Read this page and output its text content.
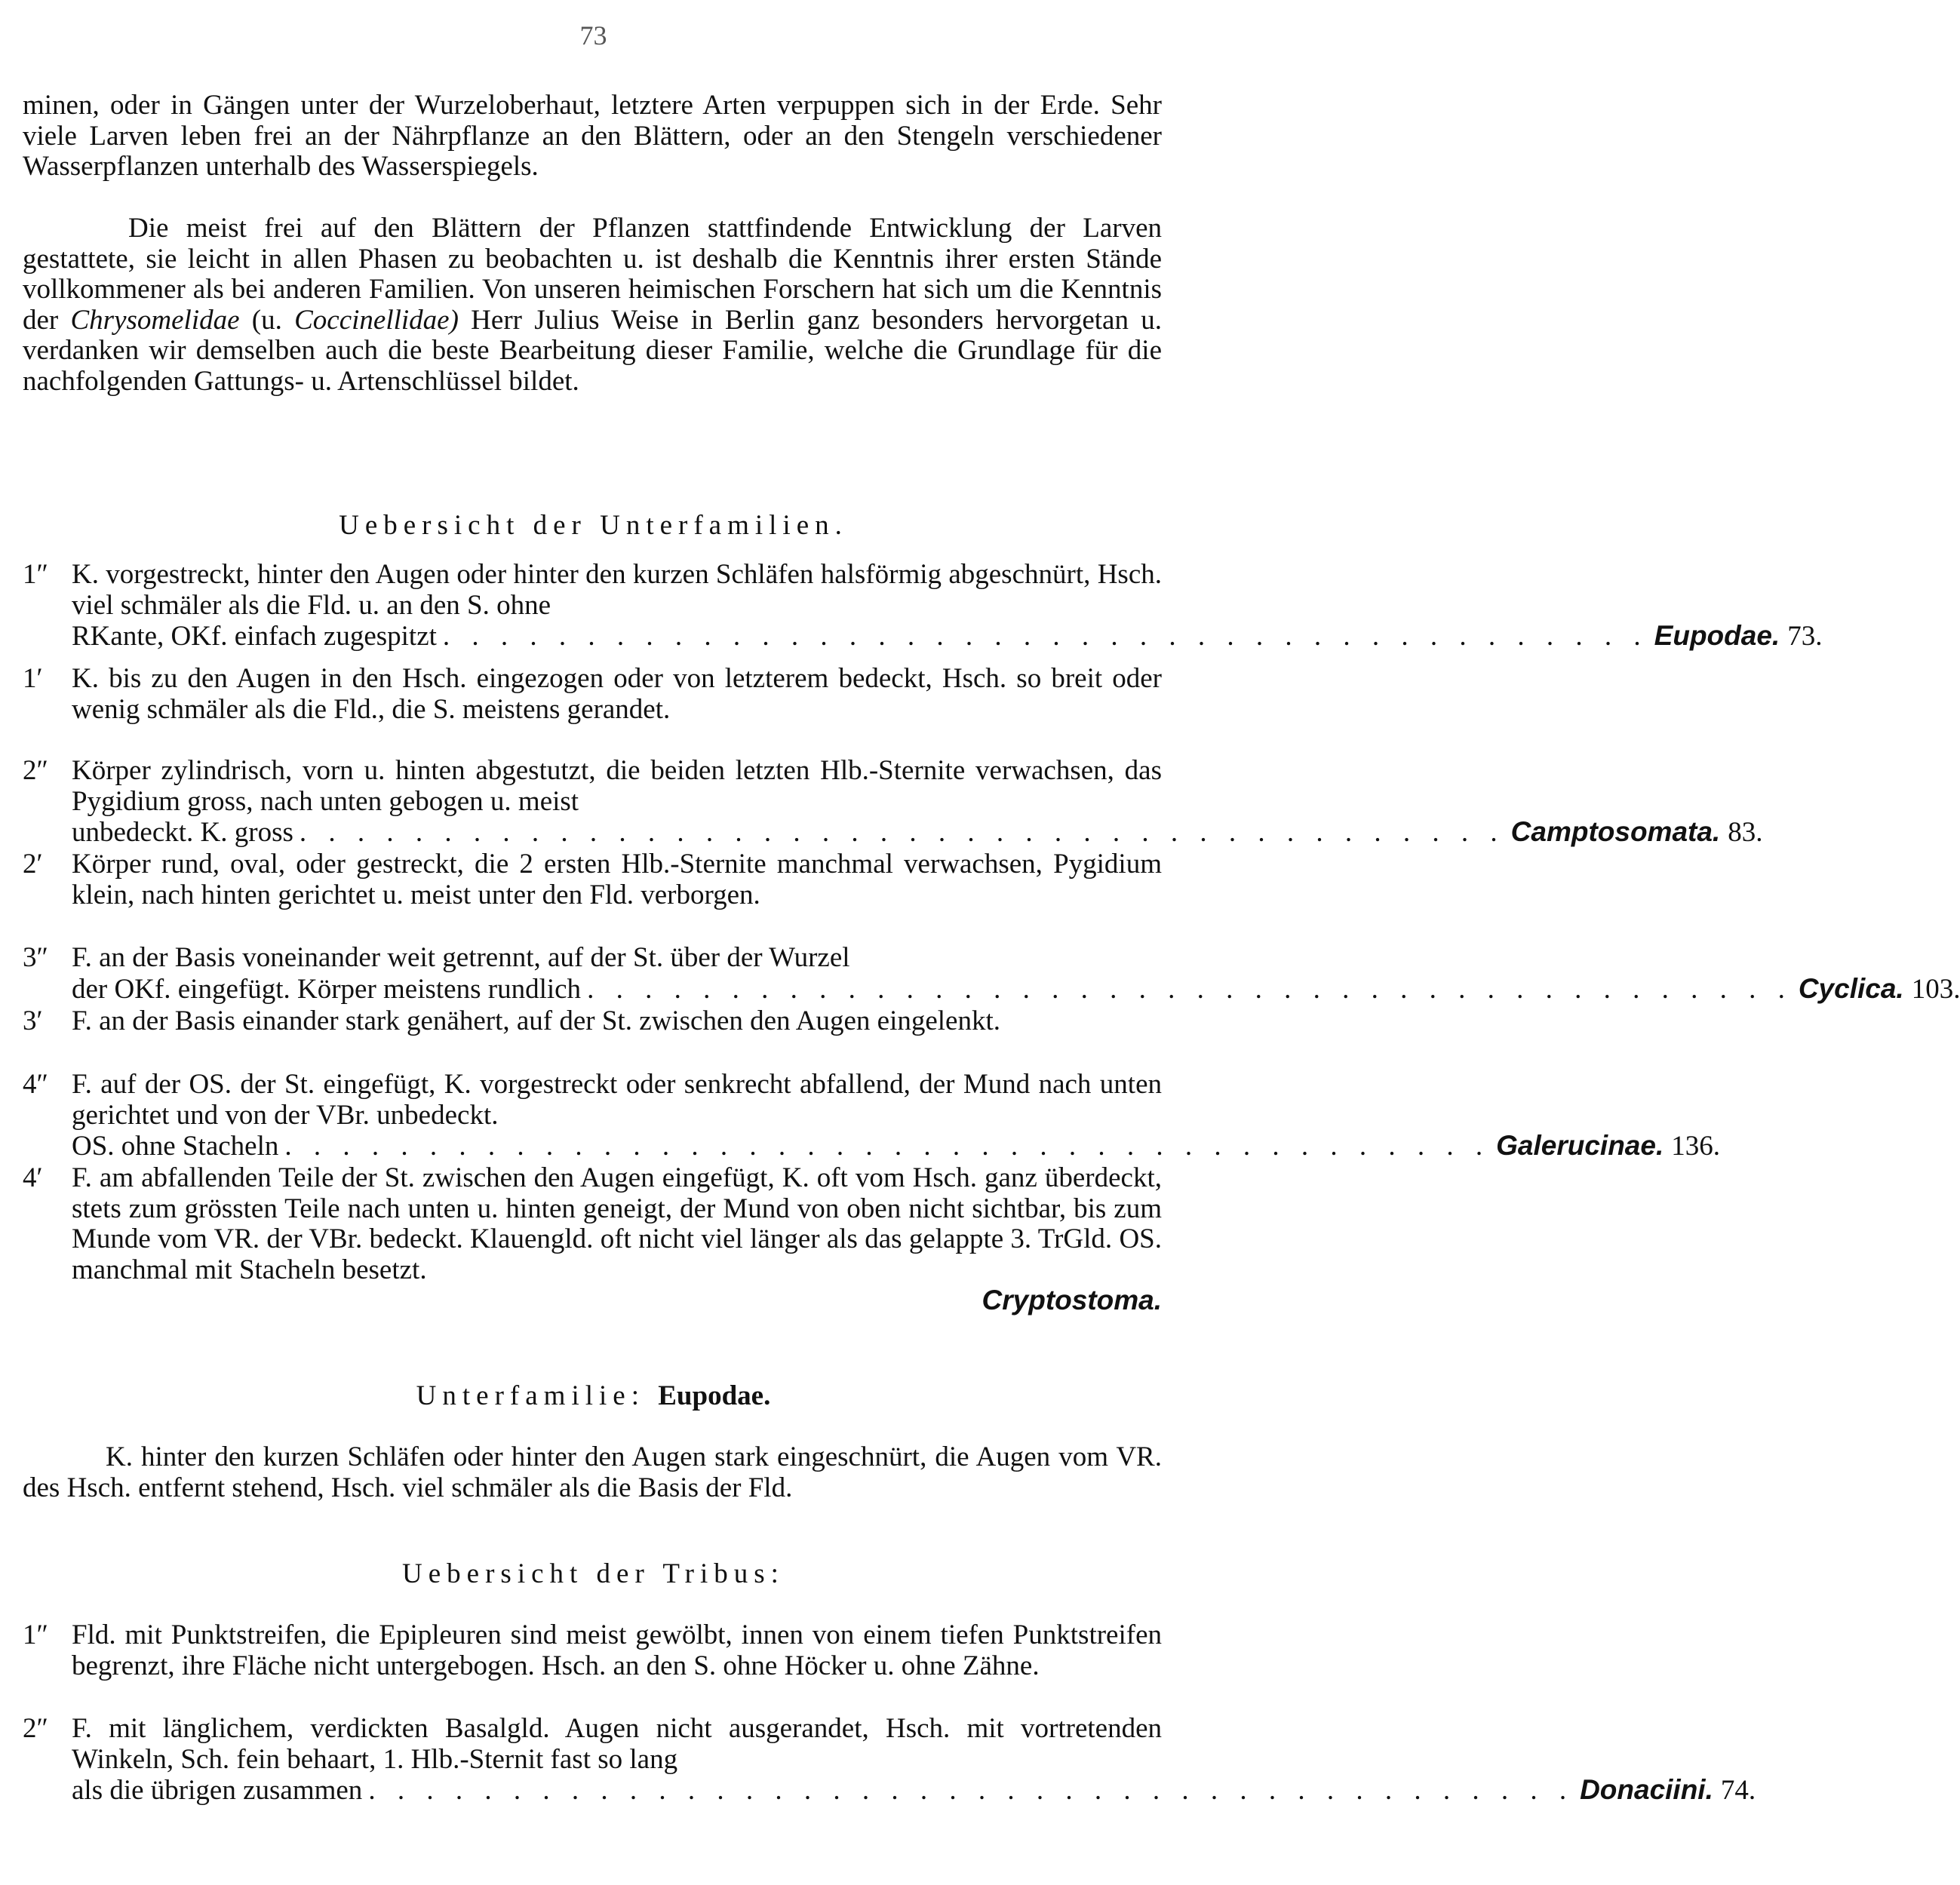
73
minen, oder in Gängen unter der Wurzeloberhaut, letztere Arten verpuppen sich in der Erde. Sehr viele Larven leben frei an der Nährpflanze an den Blättern, oder an den Stengeln verschiedener Wasserpflanzen unterhalb des Wasserspiegels.
Die meist frei auf den Blättern der Pflanzen stattfindende Entwicklung der Larven gestattete, sie leicht in allen Phasen zu beobachten u. ist deshalb die Kenntnis ihrer ersten Stände vollkommener als bei anderen Familien. Von unseren heimischen Forschern hat sich um die Kenntnis der Chrysomelidae (u. Coccinellidae) Herr Julius Weise in Berlin ganz besonders hervorgetan u. verdanken wir demselben auch die beste Bearbeitung dieser Familie, welche die Grundlage für die nachfolgenden Gattungs- u. Artenschlüssel bildet.
Uebersicht der Unterfamilien.
1″ K. vorgestreckt, hinter den Augen oder hinter den kurzen Schläfen halsförmig abgeschnürt, Hsch. viel schmäler als die Fld. u. an den S. ohne
RKante, OKf. einfach zugespitzt . . . . . . . . . . . . . . . . . . . . . . . . . . . . . . . . . . . . . . . . . . Eupodae. 73.
1′	K. bis zu den Augen in den Hsch. eingezogen oder von letzterem bedeckt, Hsch. so breit oder wenig schmäler als die Fld., die S. meistens gerandet.
2″ Körper zylindrisch, vorn u. hinten abgestutzt, die beiden letzten Hlb.-Sternite verwachsen, das Pygidium gross, nach unten gebogen u. meist
unbedeckt. K. gross . . . . . . . . . . . . . . . . . . . . . . . . . . . . . . . . . . . . . . . . . . Camptosomata. 83.
2′	Körper rund, oval, oder gestreckt, die 2 ersten Hlb.-Sternite manchmal verwachsen, Pygidium klein, nach hinten gerichtet u. meist unter den Fld. verborgen.
3″ F. an der Basis voneinander weit getrennt, auf der St. über der Wurzel
der OKf. eingefügt. Körper meistens rundlich . . . . . . . . . . . . . . . . . . . . . . . . . . . . . . . . . . . . . . . . . . Cyclica. 103.
3′	F. an der Basis einander stark genähert, auf der St. zwischen den Augen eingelenkt.
4″ F. auf der OS. der St. eingefügt, K. vorgestreckt oder senkrecht abfallend, der Mund nach unten gerichtet und von der VBr. unbedeckt.
OS. ohne Stacheln . . . . . . . . . . . . . . . . . . . . . . . . . . . . . . . . . . . . . . . . . . Galerucinae. 136.
4′	F. am abfallenden Teile der St. zwischen den Augen eingefügt, K. oft vom Hsch. ganz überdeckt, stets zum grössten Teile nach unten u. hinten geneigt, der Mund von oben nicht sichtbar, bis zum Munde vom VR. der VBr. bedeckt. Klauengld. oft nicht viel länger als das gelappte 3. TrGld. OS. manchmal mit Stacheln besetzt.
Cryptostoma.
Unterfamilie: Eupodae.
K. hinter den kurzen Schläfen oder hinter den Augen stark eingeschnürt, die Augen vom VR. des Hsch. entfernt stehend, Hsch. viel schmäler als die Basis der Fld.
Uebersicht der Tribus:
1″ Fld. mit Punktstreifen, die Epipleuren sind meist gewölbt, innen von einem tiefen Punktstreifen begrenzt, ihre Fläche nicht untergebogen. Hsch. an den S. ohne Höcker u. ohne Zähne.
2″ F. mit länglichem, verdickten Basalgld. Augen nicht ausgerandet, Hsch. mit vortretenden Winkeln, Sch. fein behaart, 1. Hlb.-Sternit fast so lang
als die übrigen zusammen . . . . . . . . . . . . . . . . . . . . . . . . . . . . . . . . . . . . . . . . . . Donaciini. 74.
